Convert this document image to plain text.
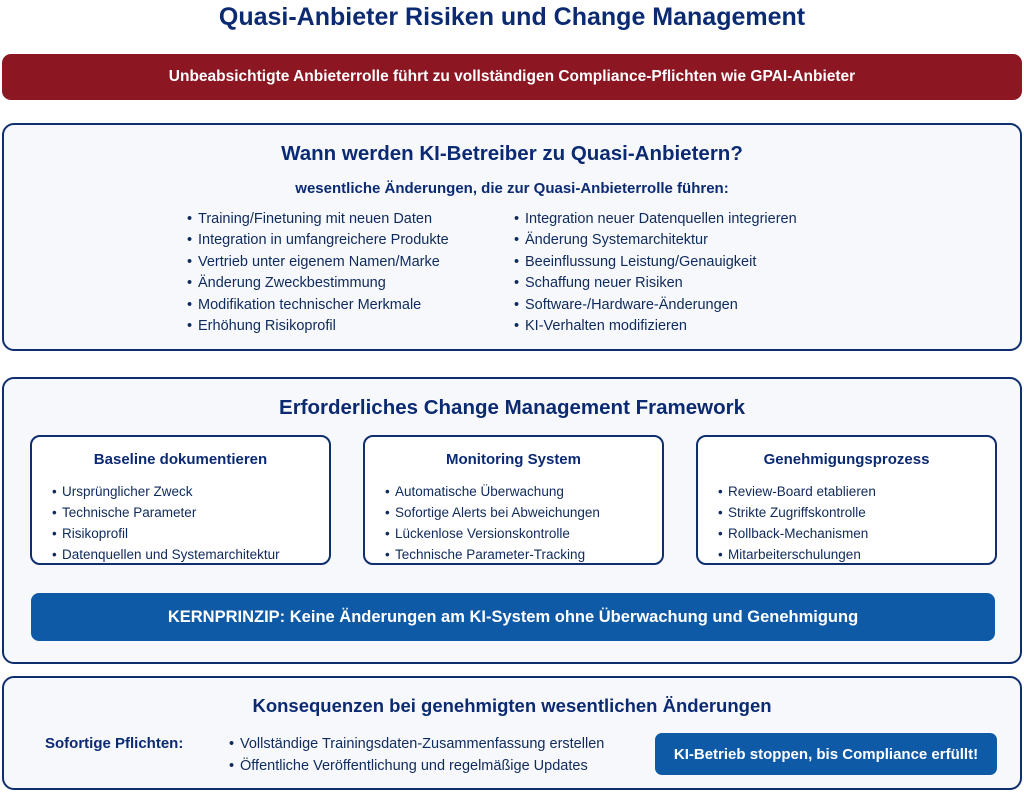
Quasi-Anbieter Risiken und Change Management
Unbeabsichtigte Anbieterrolle führt zu vollständigen Compliance-Pflichten wie GPAI-Anbieter
Wann werden KI-Betreiber zu Quasi-Anbietern?
wesentliche Änderungen, die zur Quasi-Anbieterrolle führen:
• Training/Finetuning mit neuen Daten
• Integration in umfangreichere Produkte
• Vertrieb unter eigenem Namen/Marke
• Änderung Zweckbestimmung
• Modifikation technischer Merkmale
• Erhöhung Risikoprofil
• Integration neuer Datenquellen integrieren
• Änderung Systemarchitektur
• Beeinflussung Leistung/Genauigkeit
• Schaffung neuer Risiken
• Software-/Hardware-Änderungen
• KI-Verhalten modifizieren
Erforderliches Change Management Framework
Baseline dokumentieren
• Ursprünglicher Zweck
• Technische Parameter
• Risikoprofil
• Datenquellen und Systemarchitektur
Monitoring System
• Automatische Überwachung
• Sofortige Alerts bei Abweichungen
• Lückenlose Versionskontrolle
• Technische Parameter-Tracking
Genehmigungsprozess
• Review-Board etablieren
• Strikte Zugriffskontrolle
• Rollback-Mechanismen
• Mitarbeiterschulungen
KERNPRINZIP: Keine Änderungen am KI-System ohne Überwachung und Genehmigung
Konsequenzen bei genehmigten wesentlichen Änderungen
Sofortige Pflichten:
•	Vollständige Trainingsdaten-Zusammenfassung erstellen
• Öffentliche Veröffentlichung und regelmäßige Updates
KI-Betrieb stoppen, bis Compliance erfüllt!
